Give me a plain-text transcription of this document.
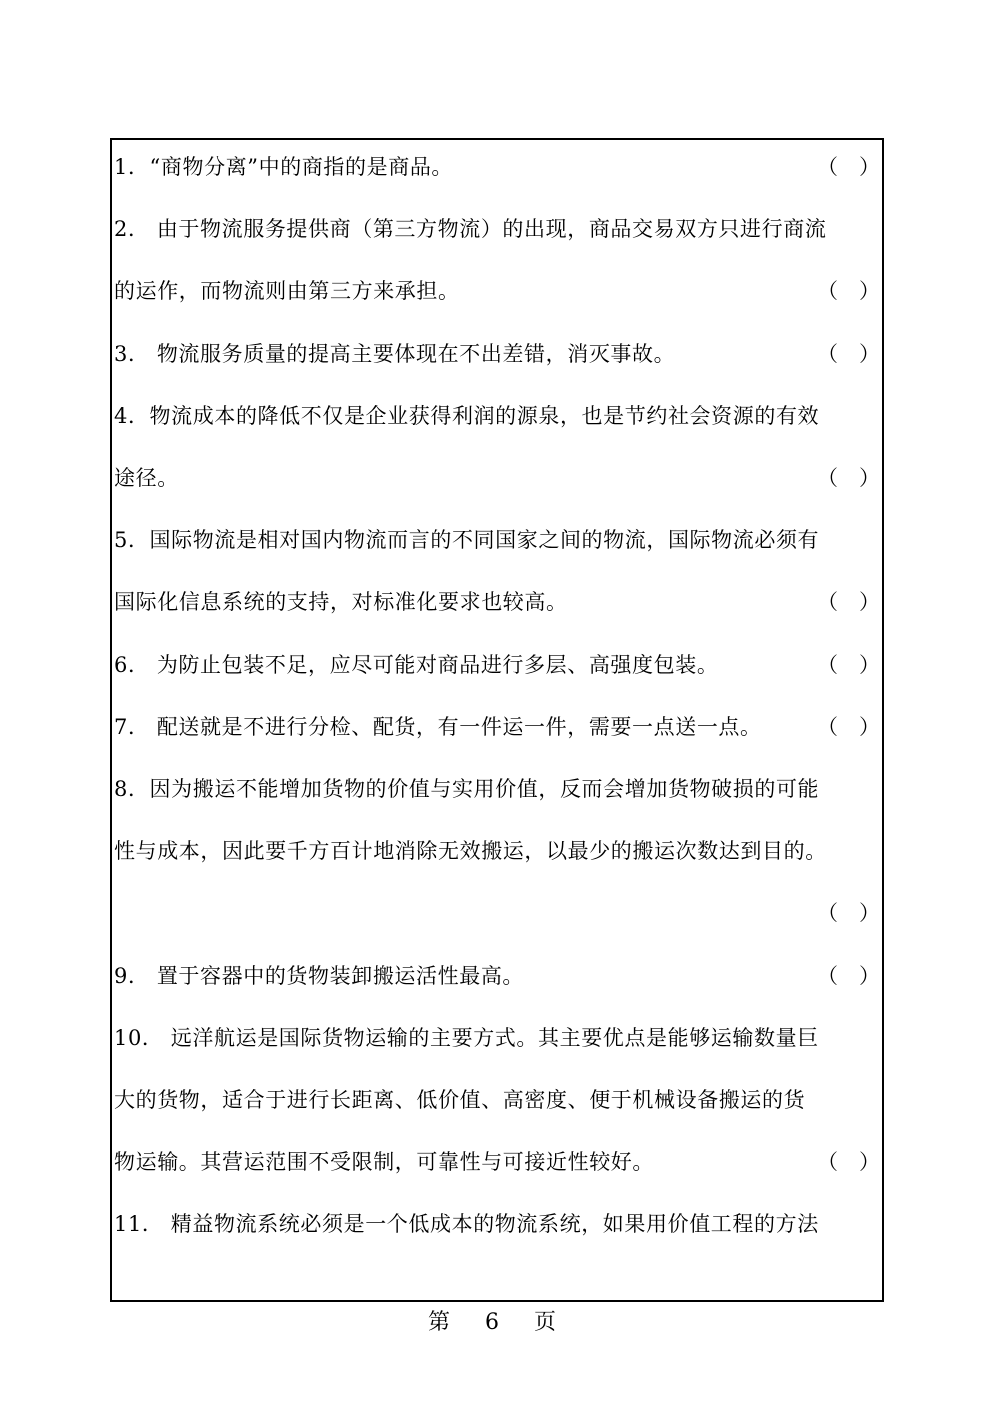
1．“商物分离”中的商指的是商品。	（　）
2． 由于物流服务提供商（第三方物流）的出现，商品交易双方只进行商流
的运作，而物流则由第三方来承担。	（　）
3． 物流服务质量的提高主要体现在不出差错，消灭事故。	（　）
4．物流成本的降低不仅是企业获得利润的源泉，也是节约社会资源的有效
途径。	（　）
5．国际物流是相对国内物流而言的不同国家之间的物流，国际物流必须有
国际化信息系统的支持，对标准化要求也较高。	（　）
6． 为防止包装不足，应尽可能对商品进行多层、高强度包装。	（　）
7． 配送就是不进行分检、配货，有一件运一件，需要一点送一点。	（　）
8．因为搬运不能增加货物的价值与实用价值，反而会增加货物破损的可能
性与成本，因此要千方百计地消除无效搬运，以最少的搬运次数达到目的。
（　）
9． 置于容器中的货物装卸搬运活性最高。	（　）
10． 远洋航运是国际货物运输的主要方式。其主要优点是能够运输数量巨
大的货物，适合于进行长距离、低价值、高密度、便于机械设备搬运的货
物运输。其营运范围不受限制，可靠性与可接近性较好。	（　）
11． 精益物流系统必须是一个低成本的物流系统，如果用价值工程的方法
第 6 页
